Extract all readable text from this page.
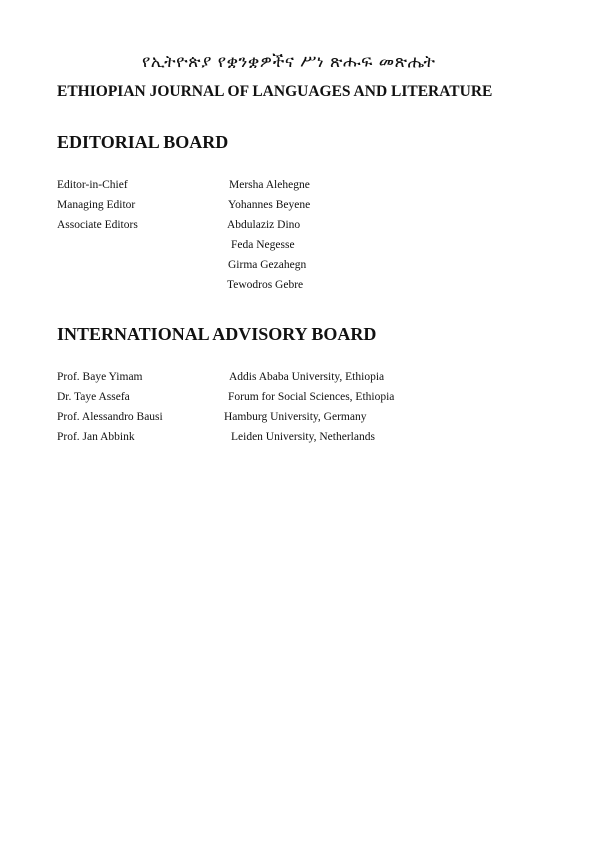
የኢትዮጵያ የቋንቋዎችና ሥነ ጽሑፍ መጽሔት
ETHIOPIAN JOURNAL OF LANGUAGES AND LITERATURE
EDITORIAL BOARD
Editor-in-Chief	Mersha Alehegne
Managing Editor	Yohannes Beyene
Associate Editors	Abdulaziz Dino
Feda Negesse
Girma Gezahegn
Tewodros Gebre
INTERNATIONAL ADVISORY BOARD
Prof. Baye Yimam	Addis Ababa University, Ethiopia
Dr. Taye Assefa	Forum for Social Sciences, Ethiopia
Prof. Alessandro Bausi	Hamburg University, Germany
Prof. Jan Abbink	Leiden University, Netherlands
